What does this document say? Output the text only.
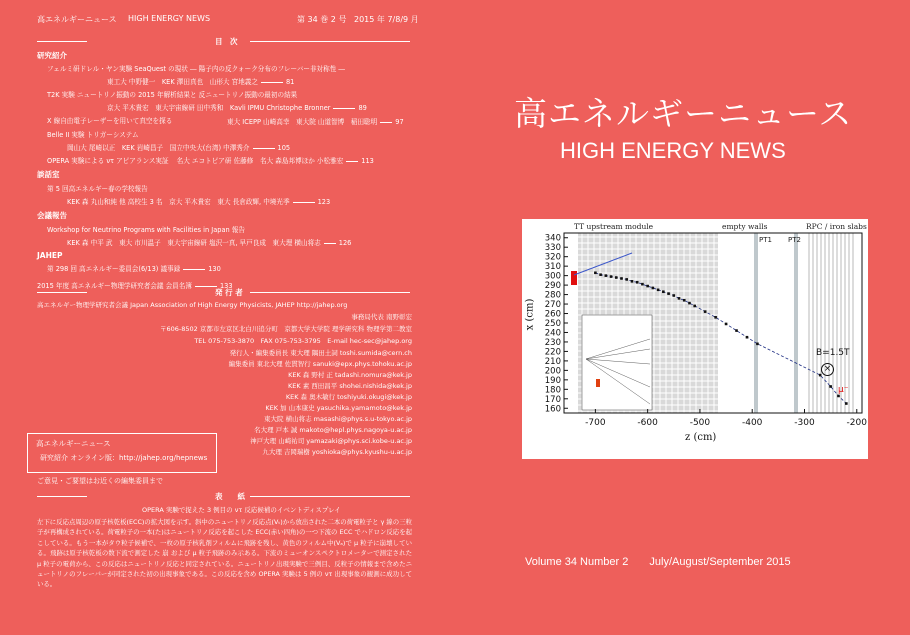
高エネルギーニュース HIGH ENERGY NEWS	第 34 巻 2 号 2015 年 7/8/9 月
目　次
研究紹介
フェルミ研ドレル・ヤン実験 SeaQuest の現状 ― 陽子内の反クォーク分布のフレーバー非対称性 ―
東工大 中野健一　KEK 澤田真也　山形大 宮地義之	81
T2K 実験 ニュートリノ振動の 2015 年解析結果と 反ニュートリノ振動の最初の結果
京大 平木貴宏　東大宇宙線研 田中秀和　Kavli IPMU Christophe Bronner	89
X 線自由電子レーザーを用いて真空を探る	東大 ICEPP 山崎高幸　東大院 山道智博　稲田聡明	97
Belle II 実験 トリガーシステム
岡山大 尾崎以正　KEK 岩崎昌子　国立中央大(台湾) 中澤秀介	105
OPERA 実験による ντ アピアランス実証 名大 エコトピア研 佐藤修　名大 森島邦博ほか 小松雅宏	113
談話室
第 5 回高エネルギー春の学校報告
KEK 森 丸山和純 他 高校生 3 名　京大 平木貴宏　東大 長倉政輝, 中境光季	123
会議報告
Workshop for Neutrino Programs with Facilities in Japan 報告
KEK 森 中平 武　東大 市川温子　東大宇宙線研 塩沢一真, 早戸良成　東大理 横山将志	126
JAHEP
第 298 回 高エネルギー委員会(6/13) 議事録	130
2015 年度 高エネルギー物理学研究者会議 会員名簿	133
発 行 者
高エネルギー物理学研究者会議 Japan Association of High Energy Physicists, JAHEP http://jahep.org
事務局代表 南野彰宏
〒606-8502 京都市左京区北白川追分町　京都大学大学院 理学研究科 物理学第二教室
TEL 075-753-3870　FAX 075-753-3795　E-mail hec-sec@jahep.org
発行人・編集委員長 東大理 隅田土詞 toshi.sumida@cern.ch
編集委員 東北大理 佐貫智行 sanuki@epx.phys.tohoku.ac.jp
KEK 森 野村 正 tadashi.nomura@kek.jp
KEK 素 西田昌平 shohei.nishida@kek.jp
KEK 森 奥木敏行 toshiyuki.okugi@kek.jp
KEK 加 山本康史 yasuchika.yamamoto@kek.jp
東大院 横山将志 masashi@phys.s.u-tokyo.ac.jp
名大理 戸本 誠 makoto@hepl.phys.nagoya-u.ac.jp
神戸大理 山崎祐司 yamazaki@phys.sci.kobe-u.ac.jp
九大理 吉岡瑞樹 yoshioka@phys.kyushu-u.ac.jp
高エネルギーニュース
研究紹介 オンライン版：http://jahep.org/hepnews
ご意見・ご要望はお近くの編集委員まで
表　　紙
OPERA 実験で捉えた 3 例目の ντ 反応候補のイベントディスプレイ
左下に反応点周辺の原子核乾板(ECC)の拡大図を示す。斜中のニュートリノ反応点(Vₜ)から放出された二本の荷電粒子と γ 線の三粒子が再構成されている。荷電粒子の一本(た)はニュートリノ反応を起こした ECC(赤い四角)の一つ下流の ECC でハドロン反応を起こしている。もう一本がタウ粒子候補で、一枚の原子核乳剤フィルムに飛跡を残し、黄色のフィルム中(Vₐ)で μ 粒子に崩壊している。飛跡は原子核乾板の数下流で測定した 崩 および μ 粒子飛跡のみ示ある。下流のミューオンスペクトロメーターで測定された μ 粒子の電荷から、この反応はニュートリノ反応と同定されている。ニュートリノ出現実験で三例目、反粒子の情報まで含めたニュートリノのフレーバーが同定された初の出現事象である。この反応を含め OPERA 実験は 5 例の ντ 出現事象の観測に成功している。
高エネルギーニュース
HIGH ENERGY NEWS
-700	-600	-500	-400	-300	-200
160
170
180
190
200
210
220
230
240
250
260
270
280
290
300
310
320
330
340
TT upstream module	empty walls	RPC / iron slabs
PT1 PT2
B=1.5T
×
μ⁻
z (cm)
x (cm)
Volume 34 Number 2 July/August/September 2015
